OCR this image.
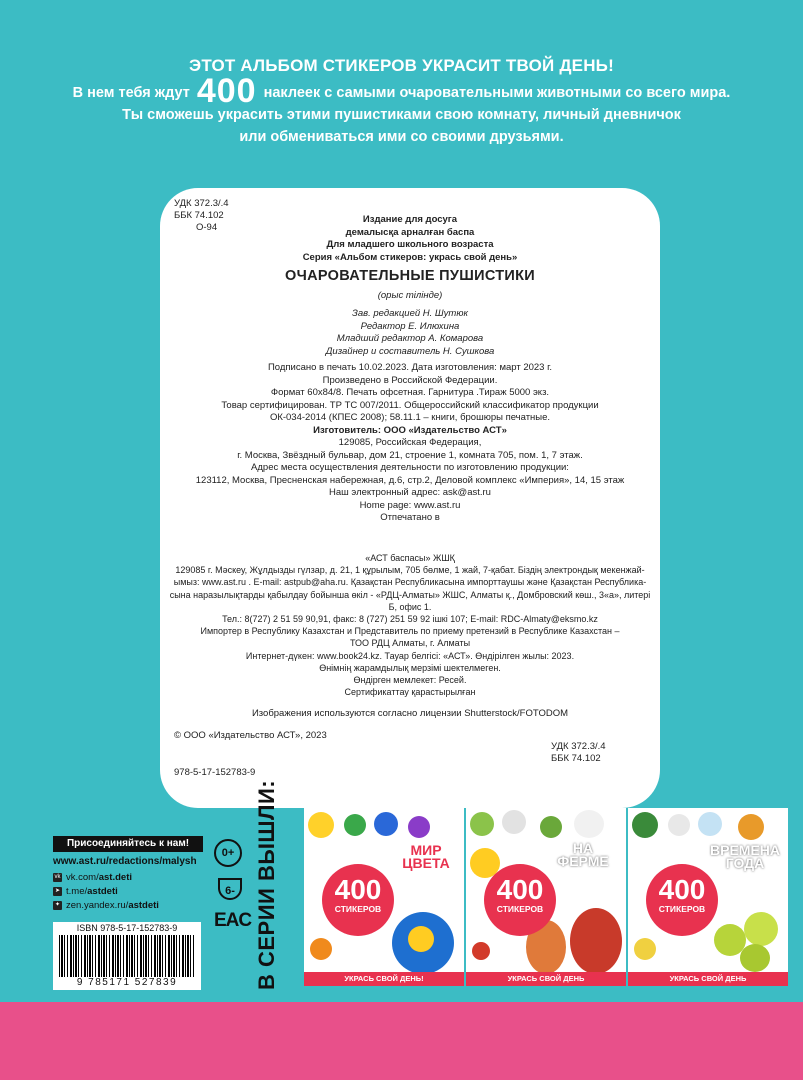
ЭТОТ АЛЬБОМ СТИКЕРОВ УКРАСИТ ТВОЙ ДЕНЬ!
В нем тебя ждут 400 наклеек с самыми очаровательными животными со всего мира.
Ты сможешь украсить этими пушистиками свою комнату, личный дневничок
или обмениваться ими со своими друзьями.
УДК 372.3/.4
ББК 74.102
О-94
Издание для досуга
демалысқа арналған баспа
Для младшего школьного возраста
Серия «Альбом стикеров: укрась свой день»
ОЧАРОВАТЕЛЬНЫЕ ПУШИСТИКИ
(орыс тілінде)
Зав. редакцией Н. Шутюк
Редактор Е. Илюхина
Младший редактор А. Комарова
Дизайнер и составитель Н. Сушкова
Подписано в печать 10.02.2023. Дата изготовления: март 2023 г.
Произведено в Российской Федерации.
Формат 60x84/8. Печать офсетная. Гарнитура .Тираж 5000 экз.
Товар сертифицирован. ТР ТС 007/2011. Общероссийский классификатор продукции
ОК-034-2014 (КПЕС 2008); 58.11.1 – книги, брошюры печатные.
Изготовитель: ООО «Издательство АСТ»
129085, Российская Федерация,
г. Москва, Звёздный бульвар, дом 21, строение 1, комната 705, пом. 1, 7 этаж.
Адрес места осуществления деятельности по изготовлению продукции:
123112, Москва, Пресненская набережная, д.6, стр.2, Деловой комплекс «Империя», 14, 15 этаж
Наш электронный адрес: ask@ast.ru
Home page: www.ast.ru
Отпечатано в
«АСТ баспасы» ЖШҚ
129085 г. Мәскеу, Жұлдызды гүлзар, д. 21, 1 құрылым, 705 бөлме, 1 жай, 7-қабат. Біздің электрондық мекенжай-
ымыз: www.ast.ru . E-mail: astpub@aha.ru. Қазақстан Республикасына импорттаушы және Қазақстан Республика-
сына наразылықтарды қабылдау бойынша өкіл - «РДЦ-Алматы» ЖШС, Алматы қ., Домбровский көш., 3«а», литері
Б, офис 1.
Тел.: 8(727) 2 51 59 90,91, факс: 8 (727) 251 59 92 ішкі 107; E-mail: RDC-Almaty@eksmo.kz
Импортер в Республику Казахстан и Представитель по приему претензий в Республике Казахстан –
ТОО РДЦ Алматы, г. Алматы
Интернет-дүкен: www.book24.kz. Тауар белгісі: «АСТ». Өндірілген жылы: 2023.
Өнімнің жарамдылық мерзімі шектелмеген.
Өндірген мемлекет: Ресей.
Сертификаттау қарастырылған
Изображения используются согласно лицензии Shutterstock/FOTODOM
© ООО «Издательство АСТ», 2023
УДК 372.3/.4
ББК 74.102
978-5-17-152783-9
Присоединяйтесь к нам!
www.ast.ru/redactions/malysh
vk vk.com/ast.deti
➤ t.me/astdeti
✦ zen.yandex.ru/astdeti
ISBN 978-5-17-152783-9
9 785171 527839
0+
6-
EAC В СЕРИИ ВЫШЛИ:	МИР ЦВЕТА
400
СТИКЕРОВ
УКРАСЬ СВОЙ ДЕНЬ!
НА ФЕРМЕ
400
СТИКЕРОВ
УКРАСЬ СВОЙ ДЕНЬ
ВРЕМЕНА ГОДА
400
СТИКЕРОВ
УКРАСЬ СВОЙ ДЕНЬ
